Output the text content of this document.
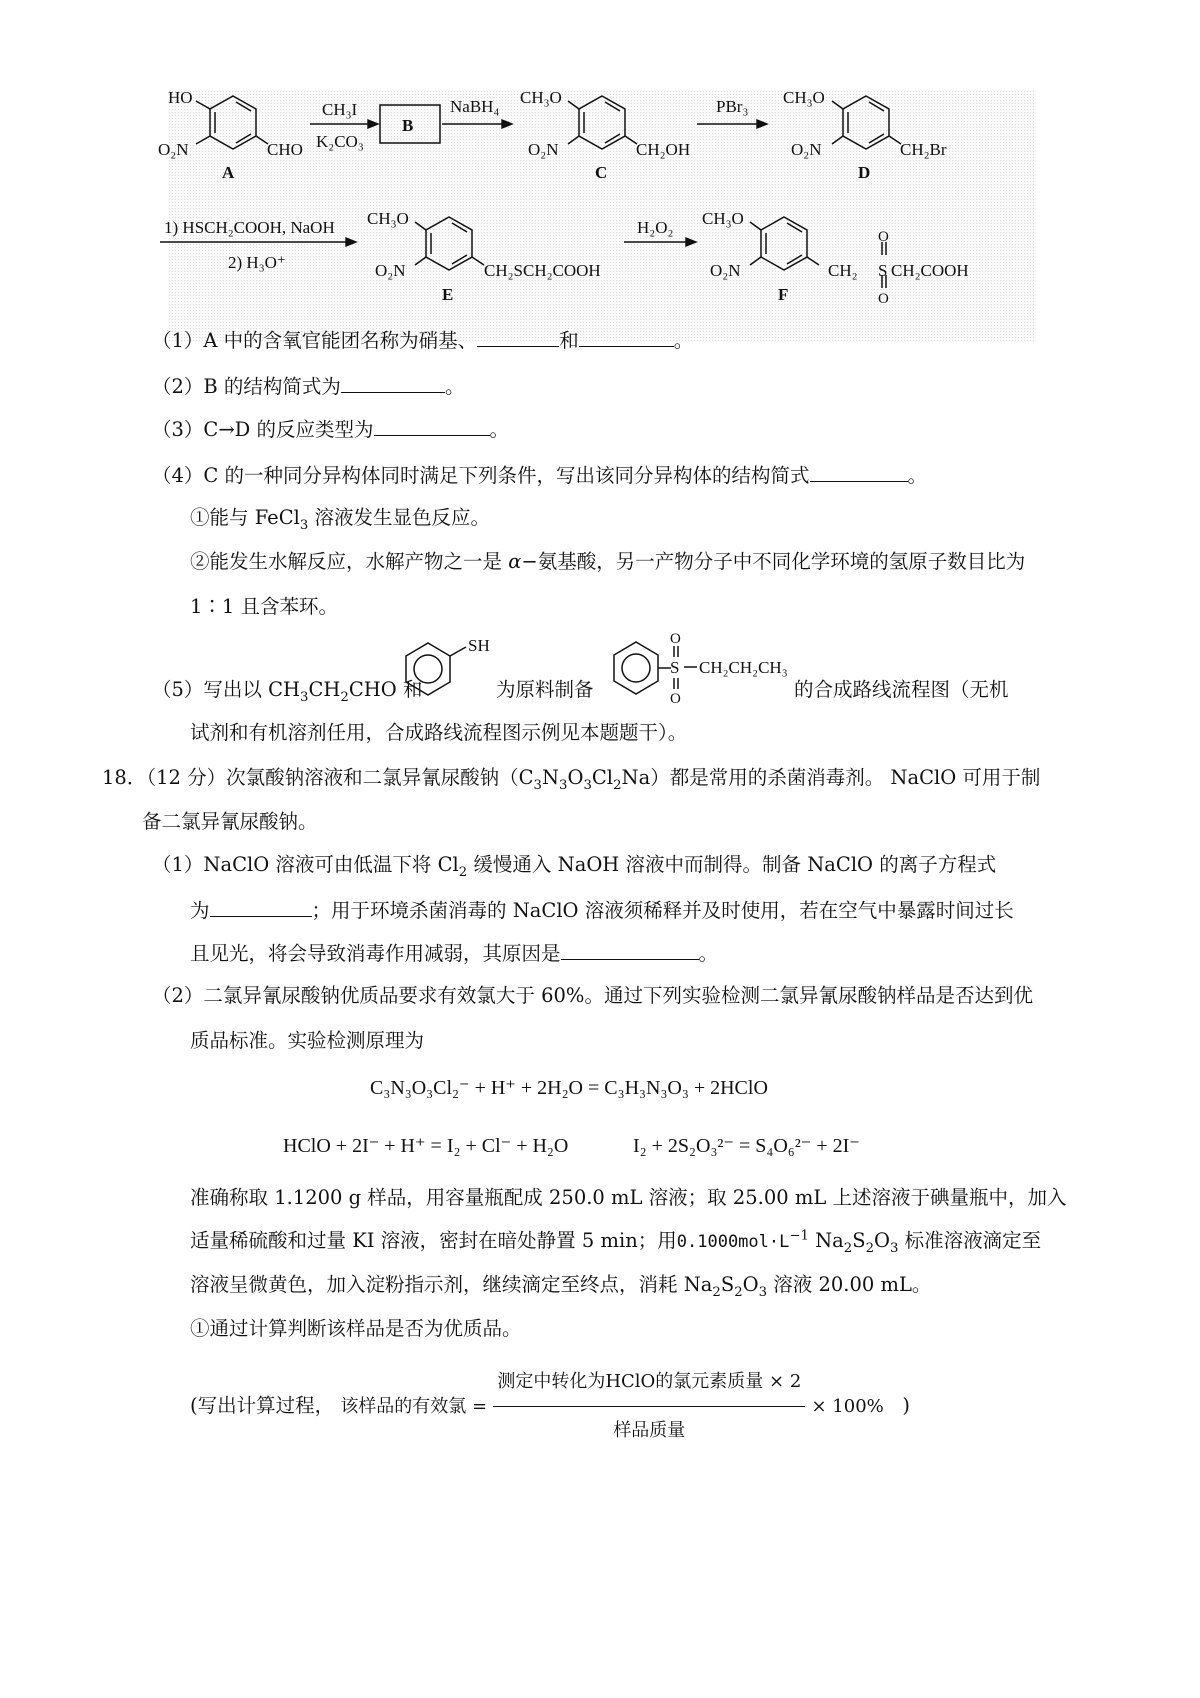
HO
O₂N	CHO
A
CH₃I
K₂CO₃
B
NaBH₄ CH₃O
O₂N	CH₂OH
C
PBr₃ CH₃O
O₂N	CH₂Br
D
1) HSCH₂COOH, NaOH
2) H₃O⁺
CH₃O
O₂N	CH₂SCH₂COOH
E
H₂O₂ CH₃O
O₂N	CH₂ S CH₂COOH
O
O
F
（1）A 中的含氧官能团名称为硝基、	和	。
（2）B 的结构简式为	。
（3）C→D 的反应类型为	。
（4）C 的一种同分异构体同时满足下列条件，写出该同分异构体的结构简式	。
①能与 FeCl$_3$ 溶液发生显色反应。
②能发生水解反应，水解产物之一是 α−氨基酸，另一产物分子中不同化学环境的氢原子数目比为
1∶1 且含苯环。
SH
S
O
O
CH₂CH₂CH₃
（5）写出以 $CH_3CH_2CHO$ 和	为原料制备	的合成路线流程图（无机
试剂和有机溶剂任用，合成路线流程图示例见本题题干）。
18．（12 分）次氯酸钠溶液和二氯异氰尿酸钠$(C_3N_3O_3Cl_2Na)$都是常用的杀菌消毒剂。 NaClO 可用于制
备二氯异氰尿酸钠。
（1）NaClO 溶液可由低温下将 $Cl_2$ 缓慢通入 NaOH 溶液中而制得。制备 NaClO 的离子方程式
为	；用于环境杀菌消毒的 NaClO 溶液须稀释并及时使用，若在空气中暴露时间过长
且见光，将会导致消毒作用减弱，其原因是	。
（2）二氯异氰尿酸钠优质品要求有效氯大于 60%。通过下列实验检测二氯异氰尿酸钠样品是否达到优
质品标准。实验检测原理为
C₃N₃O₃Cl₂⁻ + H⁺ + 2H₂O = C₃H₃N₃O₃ + 2HClO
HClO + 2I⁻ + H⁺ = I₂ + Cl⁻ + H₂O	I₂ + 2S₂O₃²⁻ = S₄O₆²⁻ + 2I⁻
准确称取 1.1200 g 样品，用容量瓶配成 250.0 mL 溶液；取 25.00 mL 上述溶液于碘量瓶中，加入
适量稀硫酸和过量 KI 溶液，密封在暗处静置 5 min；用$0.1000mol\cdot L^{-1}$ $Na_2S_2O_3$ 标准溶液滴定至
溶液呈微黄色，加入淀粉指示剂，继续滴定至终点，消耗 $Na_2S_2O_3$ 溶液 20.00 mL。
①通过计算判断该样品是否为优质品。
(写出计算过程， 该样品的有效氯 = $\frac{\text{测定中转化为HClO的氯元素质量 × 2}}{\text{样品质量}} \times 100\%$ )
